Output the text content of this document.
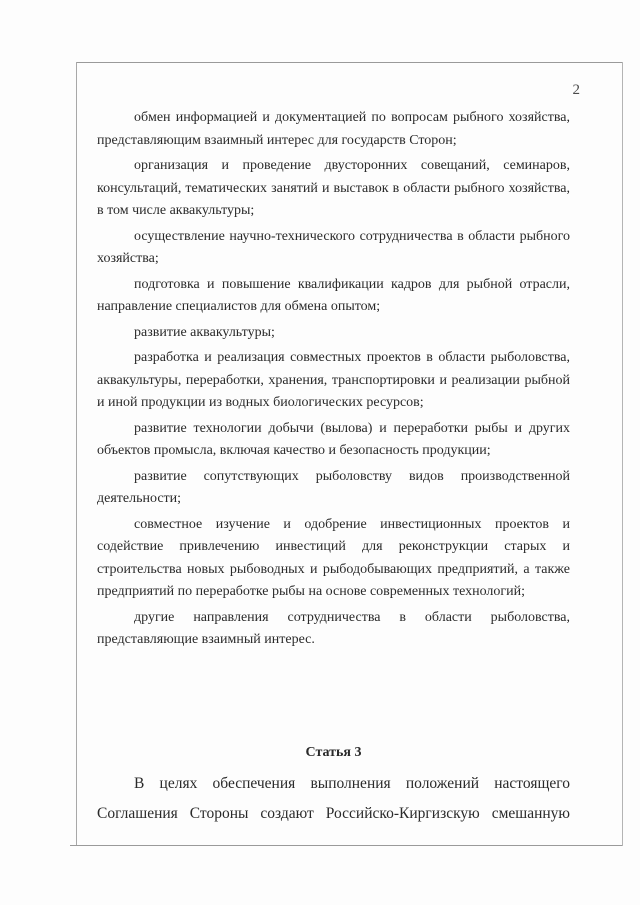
2

обмен информацией и документацией по вопросам рыбного хозяйства, представляющим взаимный интерес для государств Сторон;

организация и проведение двусторонних совещаний, семинаров, консультаций, тематических занятий и выставок в области рыбного хозяйства, в том числе аквакультуры;

осуществление научно-технического сотрудничества в области рыбного хозяйства;

подготовка и повышение квалификации кадров для рыбной отрасли, направление специалистов для обмена опытом;

развитие аквакультуры;

разработка и реализация совместных проектов в области рыболовства, аквакультуры, переработки, хранения, транспортировки и реализации рыбной и иной продукции из водных биологических ресурсов;

развитие технологии добычи (вылова) и переработки рыбы и других объектов промысла, включая качество и безопасность продукции;

развитие сопутствующих рыболовству видов производственной деятельности;

совместное изучение и одобрение инвестиционных проектов и содействие привлечению инвестиций для реконструкции старых и строительства новых рыбоводных и рыбодобывающих предприятий, а также предприятий по переработке рыбы на основе современных технологий;

другие направления сотрудничества в области рыболовства, представляющие взаимный интерес.

Статья 3

В целях обеспечения выполнения положений настоящего Соглашения Стороны создают Российско-Киргизскую смешанную
